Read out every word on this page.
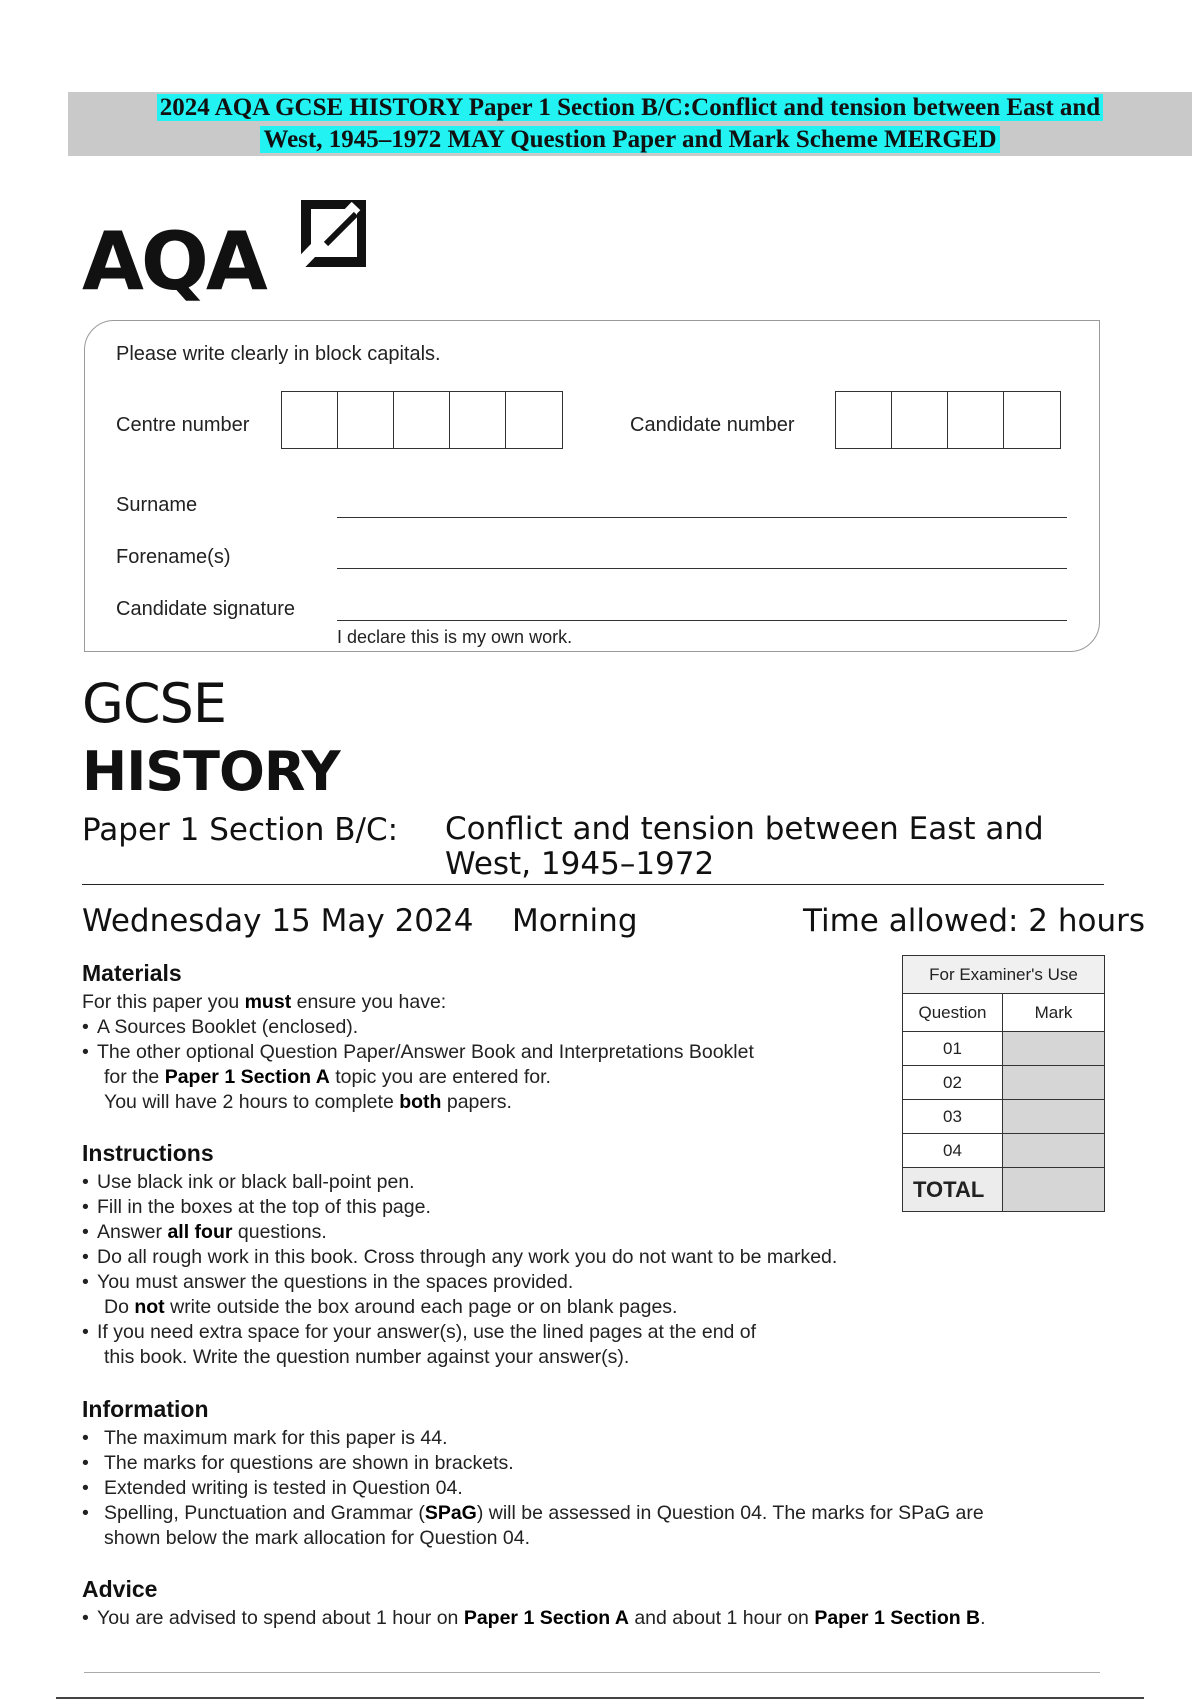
2024 AQA GCSE HISTORY Paper 1 Section B/C:Conflict and tension between East and
West, 1945–1972 MAY Question Paper and Mark Scheme MERGED
AQA
Please write clearly in block capitals.
Centre number	Candidate number
Surname
Forename(s)
Candidate signature
I declare this is my own work.
GCSE
HISTORY
Paper 1 Section B/C: Conflict and tension between East and West, 1945–1972
Wednesday 15 May 2024 Morning	Time allowed: 2 hours
Materials
For this paper you must ensure you have:
• A Sources Booklet (enclosed).
• The other optional Question Paper/Answer Book and Interpretations Booklet
for the Paper 1 Section A topic you are entered for.
You will have 2 hours to complete both papers.
Instructions
• Use black ink or black ball-point pen.
• Fill in the boxes at the top of this page.
• Answer all four questions.
• Do all rough work in this book. Cross through any work you do not want to be marked.
• You must answer the questions in the spaces provided.
Do not write outside the box around each page or on blank pages.
• If you need extra space for your answer(s), use the lined pages at the end of
this book. Write the question number against your answer(s).
Information
• The maximum mark for this paper is 44.
• The marks for questions are shown in brackets.
• Extended writing is tested in Question 04.
• Spelling, Punctuation and Grammar (SPaG) will be assessed in Question 04. The marks for SPaG are
shown below the mark allocation for Question 04.
Advice
• You are advised to spend about 1 hour on Paper 1 Section A and about 1 hour on Paper 1 Section B.
For Examiner's Use	
Question	Mark
01	
02	
03	
04	
TOTAL	
